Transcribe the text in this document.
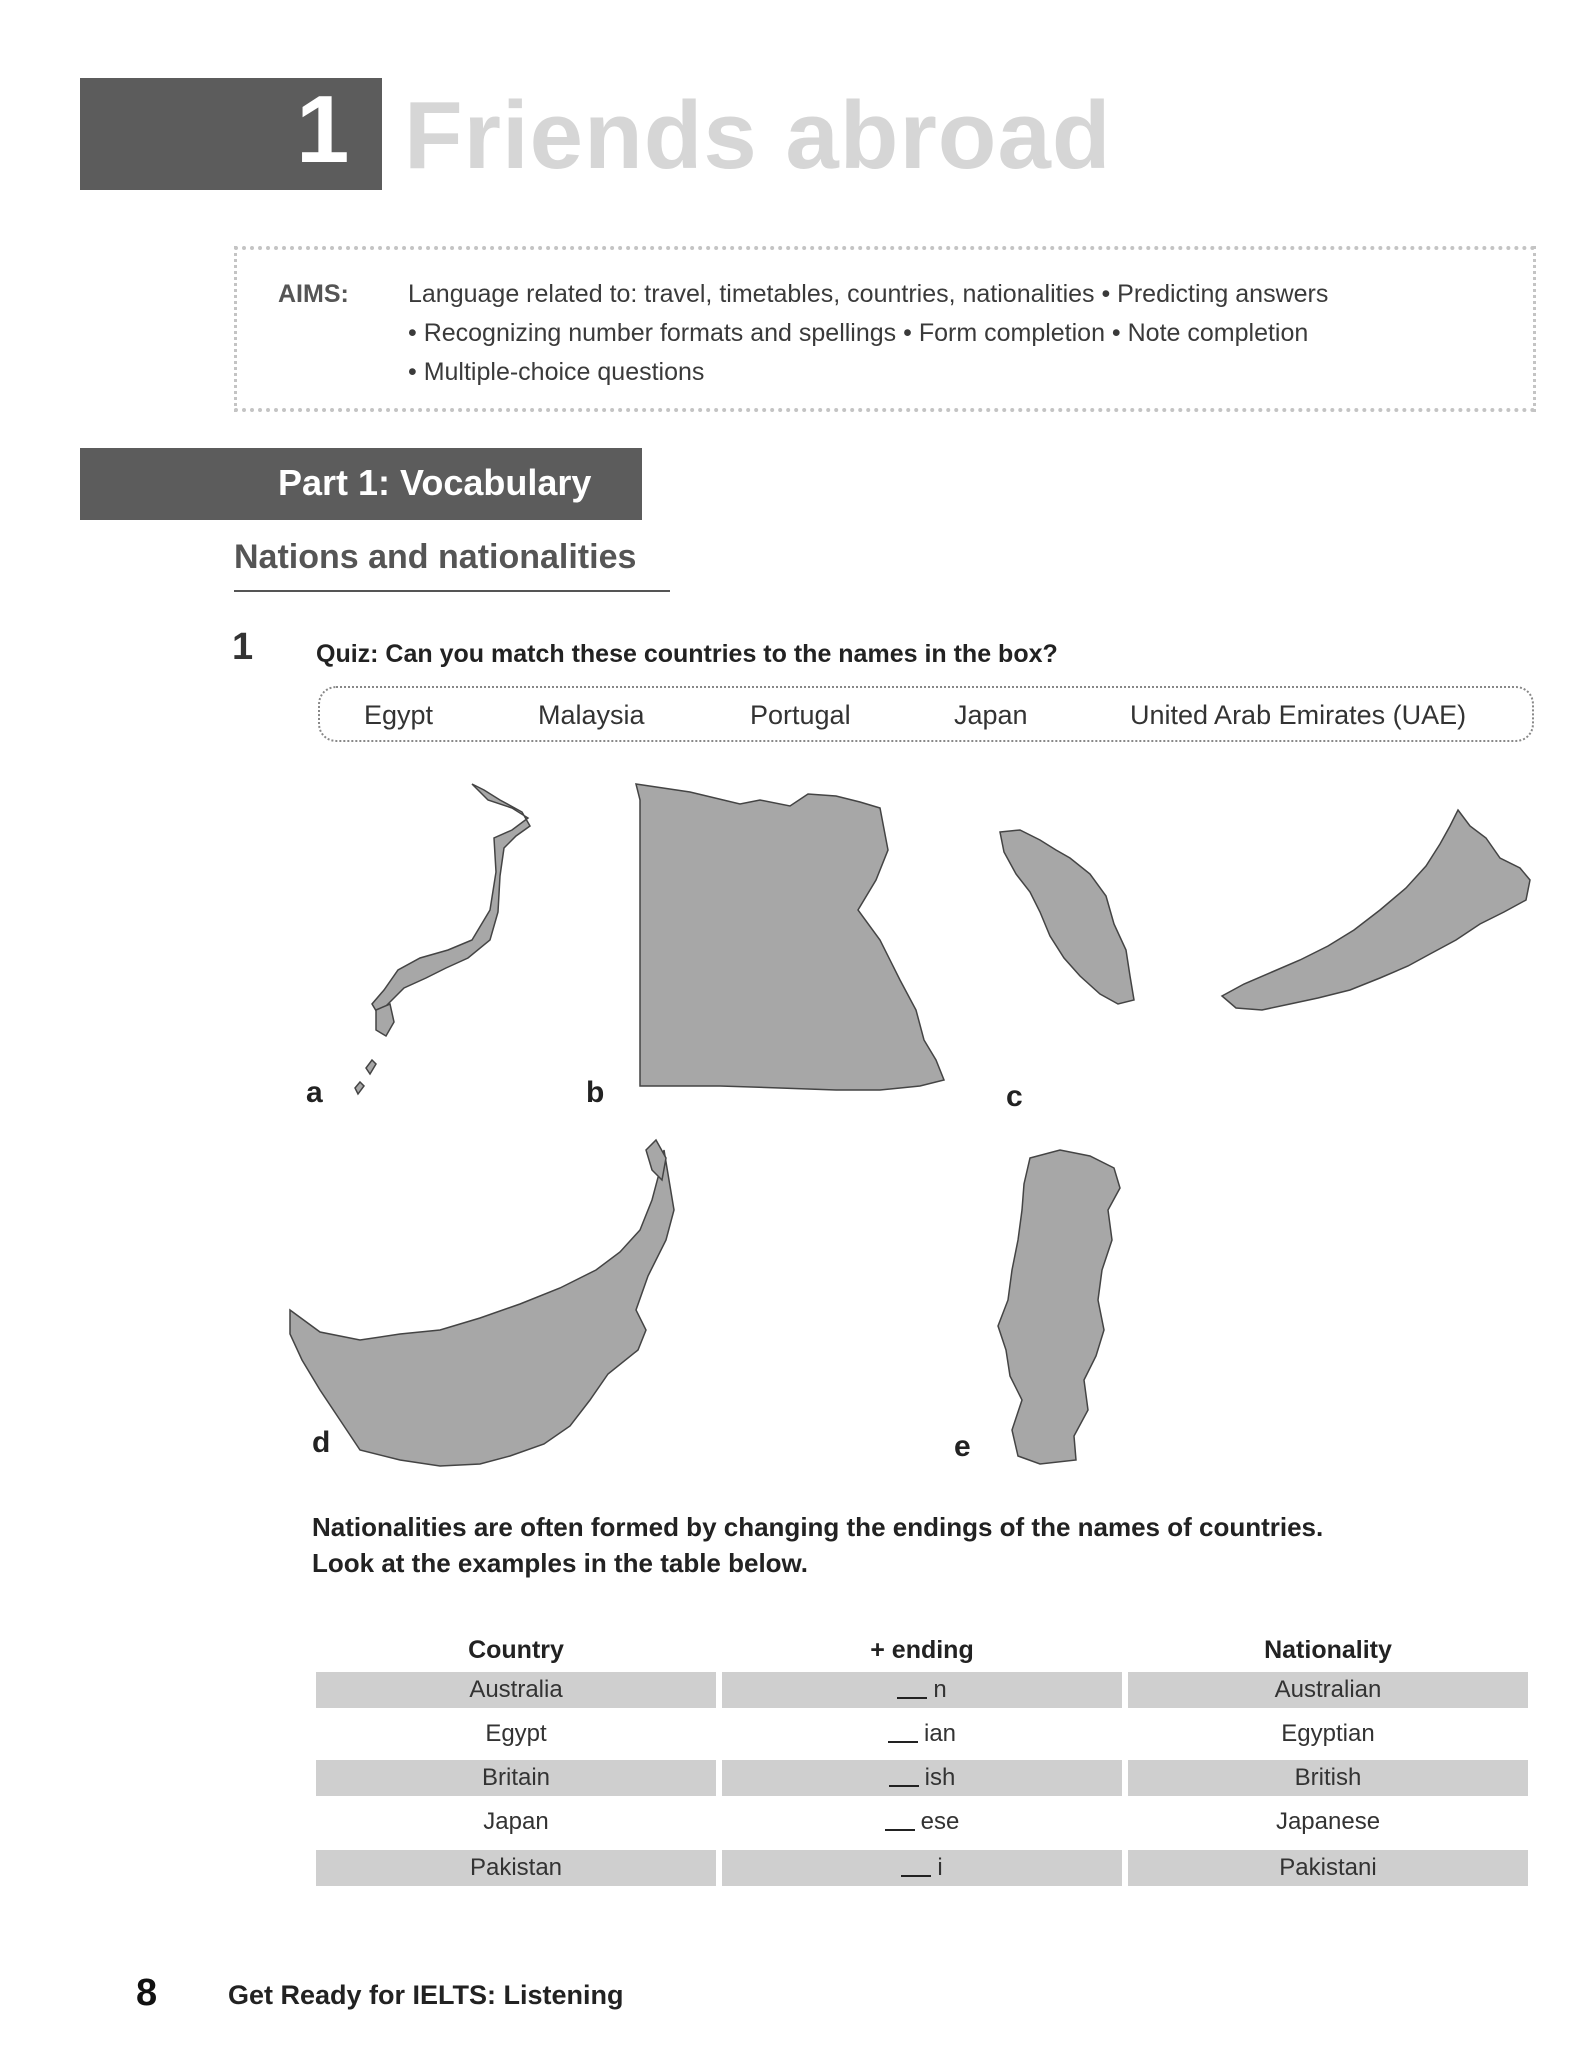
1 Friends abroad
AIMS: Language related to: travel, timetables, countries, nationalities • Predicting answers
• Recognizing number formats and spellings • Form completion • Note completion
• Multiple-choice questions
Part 1: Vocabulary
Nations and nationalities
1	Quiz: Can you match these countries to the names in the box?
Egypt	Malaysia	Portugal	Japan	United Arab Emirates (UAE)
a	b	c
d	e
Nationalities are often formed by changing the endings of the names of countries.
Look at the examples in the table below.
Country	+ ending	Nationality
Australia	n	Australian
Egypt	ian	Egyptian
Britain	ish	British
Japan	ese	Japanese
Pakistan	i	Pakistani
8	Get Ready for IELTS: Listening
